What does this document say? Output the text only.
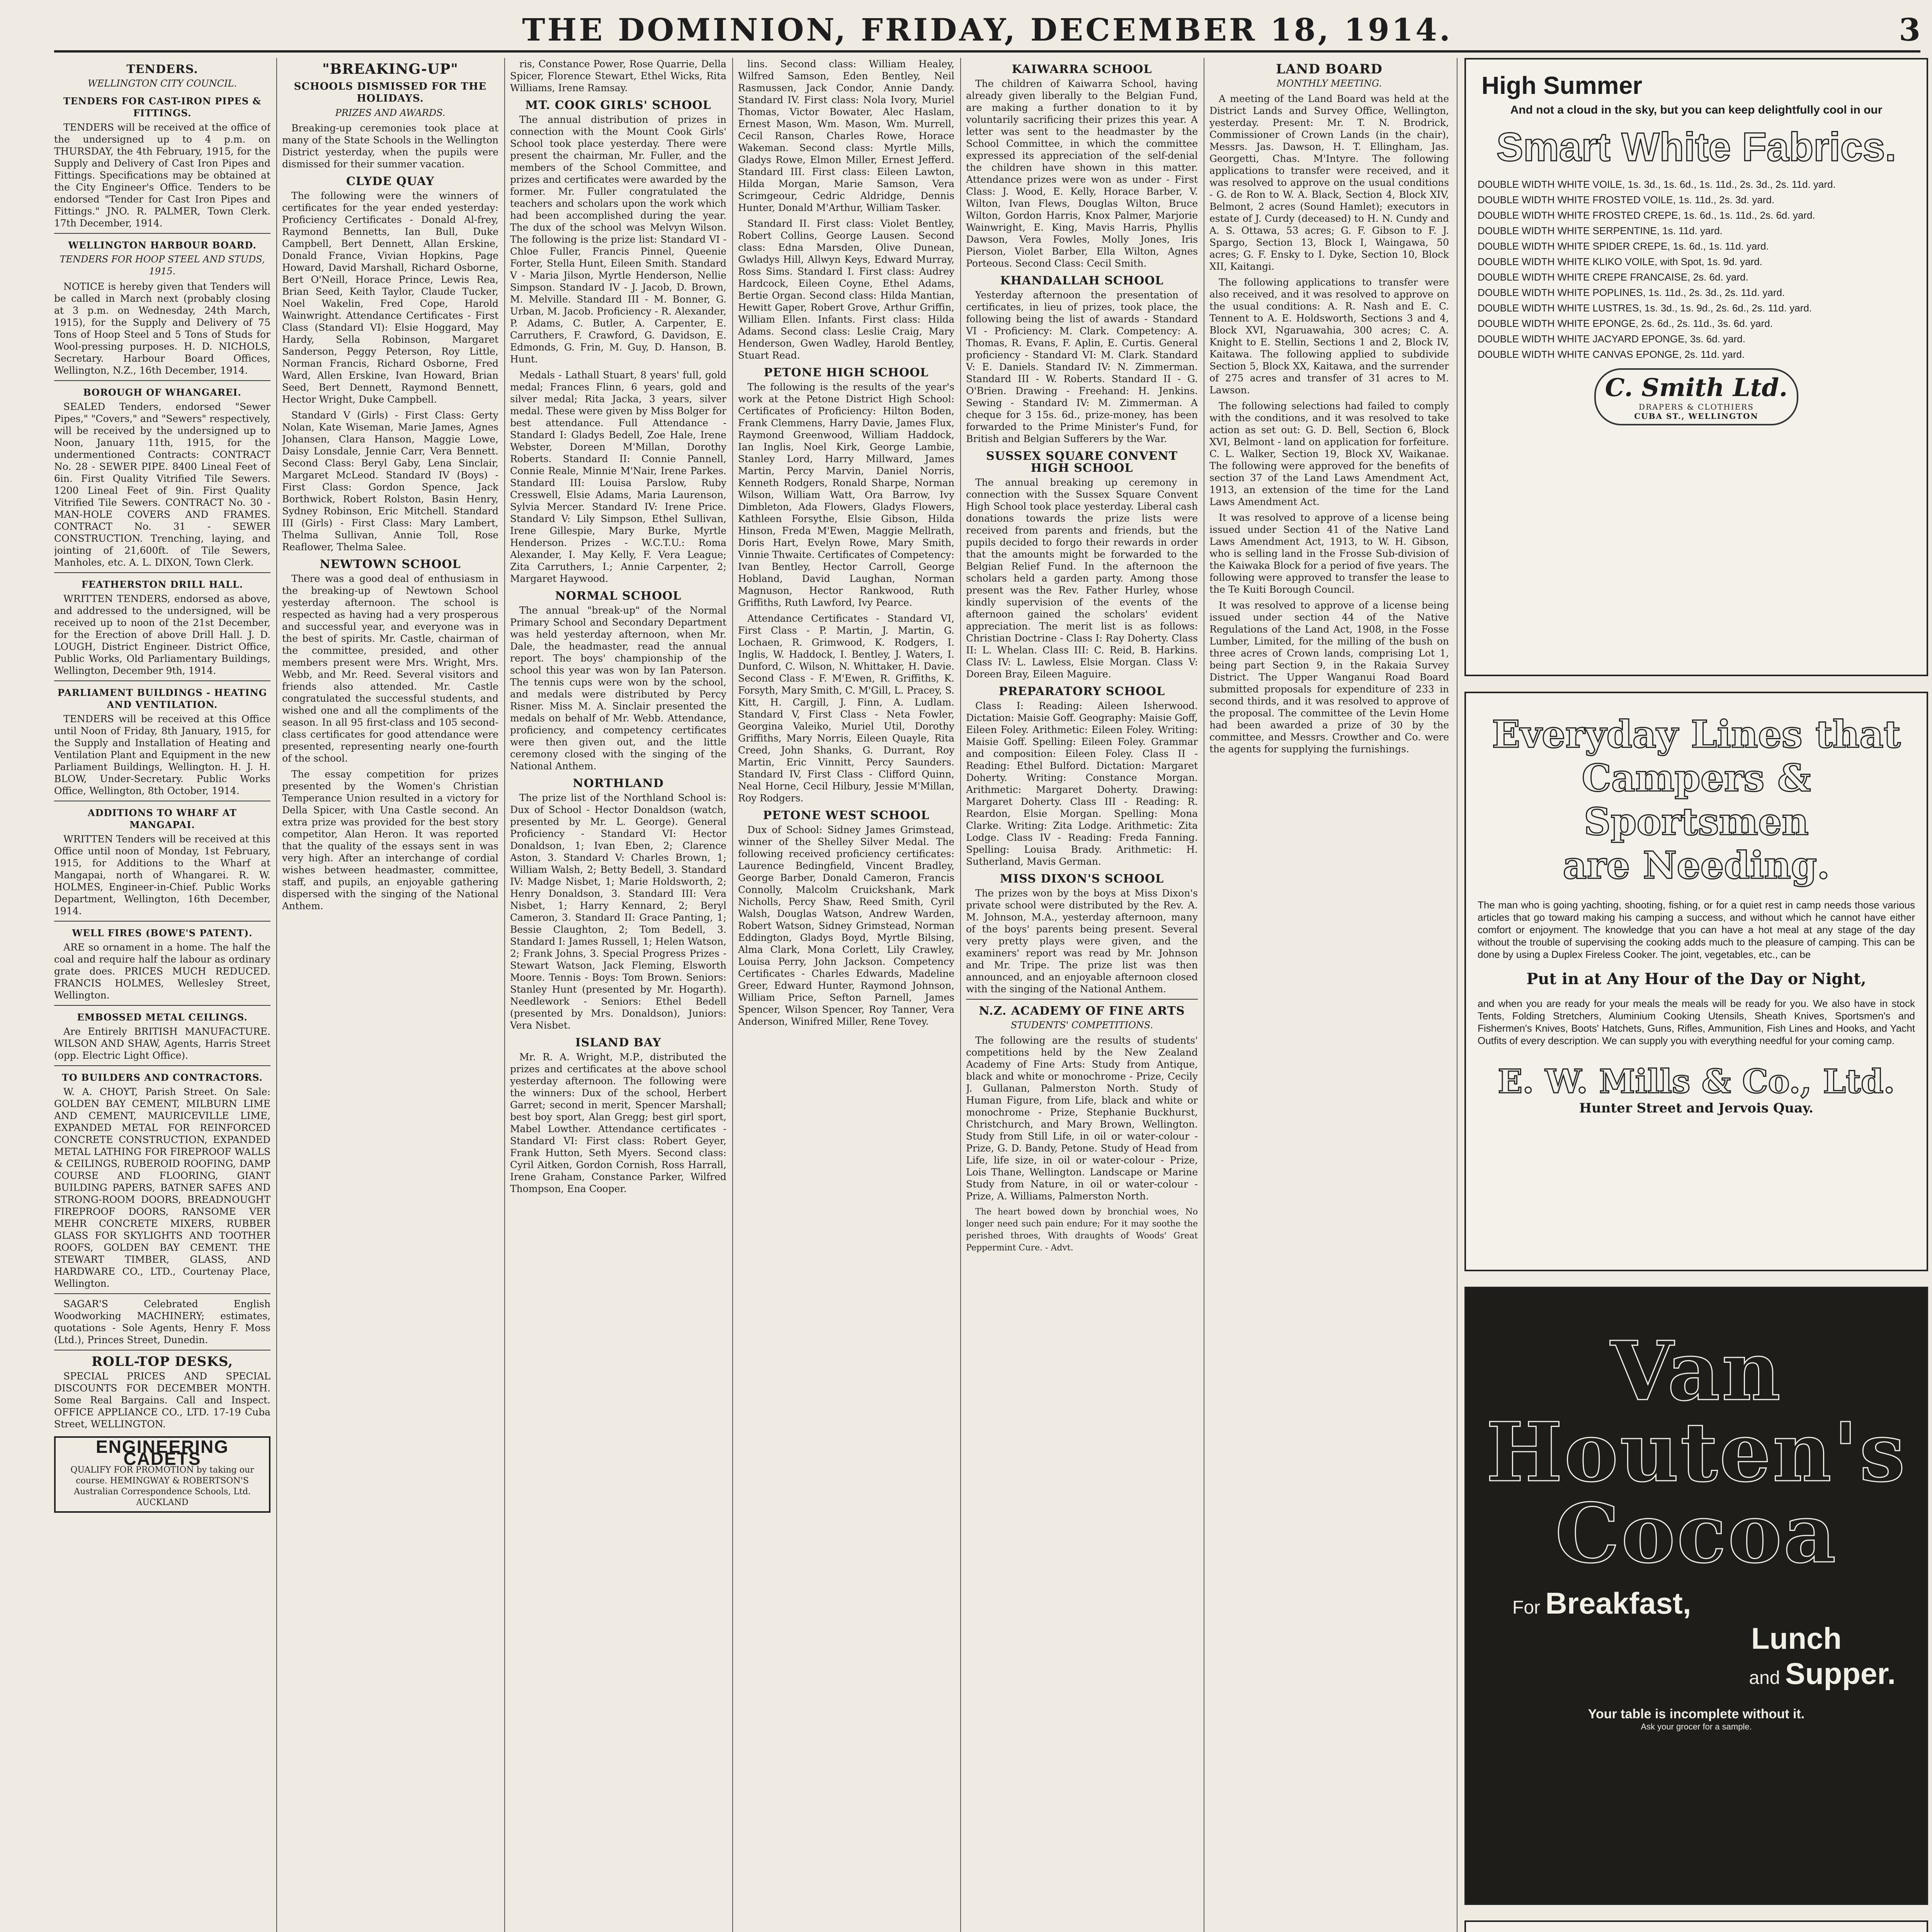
THE DOMINION, FRIDAY, DECEMBER 18, 1914.	3

TENDERS.

WELLINGTON CITY COUNCIL.

TENDERS FOR CAST-IRON PIPES & FITTINGS.

TENDERS will be received at the office of the undersigned up to 4 p.m. on THURSDAY, the 4th February, 1915, for the Supply and Delivery of Cast Iron Pipes and Fittings. Specifications may be obtained at the City Engineer's Office. Tenders to be endorsed "Tender for Cast Iron Pipes and Fittings." JNO. R. PALMER, Town Clerk. 17th December, 1914.

WELLINGTON HARBOUR BOARD.

TENDERS FOR HOOP STEEL AND STUDS, 1915.

NOTICE is hereby given that Tenders will be called in March next (probably closing at 3 p.m. on Wednesday, 24th March, 1915), for the Supply and Delivery of 75 Tons of Hoop Steel and 5 Tons of Studs for Wool-pressing purposes. H. D. NICHOLS, Secretary. Harbour Board Offices, Wellington, N.Z., 16th December, 1914.

BOROUGH OF WHANGAREI.

SEALED Tenders, endorsed "Sewer Pipes," "Covers," and "Sewers" respectively, will be received by the undersigned up to Noon, January 11th, 1915, for the undermentioned Contracts: CONTRACT No. 28 - SEWER PIPE. 8400 Lineal Feet of 6in. First Quality Vitrified Tile Sewers. 1200 Lineal Feet of 9in. First Quality Vitrified Tile Sewers. CONTRACT No. 30 - MAN-HOLE COVERS AND FRAMES. CONTRACT No. 31 - SEWER CONSTRUCTION. Trenching, laying, and jointing of 21,600ft. of Tile Sewers, Manholes, etc. A. L. DIXON, Town Clerk.

FEATHERSTON DRILL HALL.

WRITTEN TENDERS, endorsed as above, and addressed to the undersigned, will be received up to noon of the 21st December, for the Erection of above Drill Hall. J. D. LOUGH, District Engineer. District Office, Public Works, Old Parliamentary Buildings, Wellington, December 9th, 1914.

PARLIAMENT BUILDINGS - HEATING AND VENTILATION.

TENDERS will be received at this Office until Noon of Friday, 8th January, 1915, for the Supply and Installation of Heating and Ventilation Plant and Equipment in the new Parliament Buildings, Wellington. H. J. H. BLOW, Under-Secretary. Public Works Office, Wellington, 8th October, 1914.

ADDITIONS TO WHARF AT MANGAPAI.

WRITTEN Tenders will be received at this Office until noon of Monday, 1st February, 1915, for Additions to the Wharf at Mangapai, north of Whangarei. R. W. HOLMES, Engineer-in-Chief. Public Works Department, Wellington, 16th December, 1914.

WELL FIRES (BOWE'S PATENT).

ARE so ornament in a home. The half the coal and require half the labour as ordinary grate does. PRICES MUCH REDUCED. FRANCIS HOLMES, Wellesley Street, Wellington.

EMBOSSED METAL CEILINGS.

Are Entirely BRITISH MANUFACTURE. WILSON AND SHAW, Agents, Harris Street (opp. Electric Light Office).

TO BUILDERS AND CONTRACTORS.

W. A. CHOYT, Parish Street. On Sale: GOLDEN BAY CEMENT, MILBURN LIME AND CEMENT, MAURICEVILLE LIME, EXPANDED METAL FOR REINFORCED CONCRETE CONSTRUCTION, EXPANDED METAL LATHING FOR FIREPROOF WALLS & CEILINGS, RUBEROID ROOFING, DAMP COURSE AND FLOORING, GIANT BUILDING PAPERS, BATNER SAFES AND STRONG-ROOM DOORS, BREADNOUGHT FIREPROOF DOORS, RANSOME VER MEHR CONCRETE MIXERS, RUBBER GLASS FOR SKYLIGHTS AND TOOTHER ROOFS, GOLDEN BAY CEMENT. THE STEWART TIMBER, GLASS, AND HARDWARE CO., LTD., Courtenay Place, Wellington.

SAGAR'S Celebrated English Woodworking MACHINERY; estimates, quotations - Sole Agents, Henry F. Moss (Ltd.), Princes Street, Dunedin.

ROLL-TOP DESKS,

SPECIAL PRICES AND SPECIAL DISCOUNTS FOR DECEMBER MONTH. Some Real Bargains. Call and Inspect. OFFICE APPLIANCE CO., LTD. 17-19 Cuba Street, WELLINGTON.

ENGINEERING CADETS
QUALIFY FOR PROMOTION by taking our course. HEMINGWAY & ROBERTSON'S Australian Correspondence Schools, Ltd. AUCKLAND

"BREAKING-UP"

SCHOOLS DISMISSED FOR THE HOLIDAYS.

PRIZES AND AWARDS.

Breaking-up ceremonies took place at many of the State Schools in the Wellington District yesterday, when the pupils were dismissed for their summer vacation.

CLYDE QUAY

The following were the winners of certificates for the year ended yesterday: Proficiency Certificates - Donald Al-frey, Raymond Bennetts, Ian Bull, Duke Campbell, Bert Dennett, Allan Erskine, Donald France, Vivian Hopkins, Page Howard, David Marshall, Richard Osborne, Bert O'Neill, Horace Prince, Lewis Rea, Brian Seed, Keith Taylor, Claude Tucker, Noel Wakelin, Fred Cope, Harold Wainwright. Attendance Certificates - First Class (Standard VI): Elsie Hoggard, May Hardy, Sella Robinson, Margaret Sanderson, Peggy Peterson, Roy Little, Norman Francis, Richard Osborne, Fred Ward, Allen Erskine, Ivan Howard, Brian Seed, Bert Dennett, Raymond Bennett, Hector Wright, Duke Campbell.

Standard V (Girls) - First Class: Gerty Nolan, Kate Wiseman, Marie James, Agnes Johansen, Clara Hanson, Maggie Lowe, Daisy Lonsdale, Jennie Carr, Vera Bennett. Second Class: Beryl Gaby, Lena Sinclair, Margaret McLeod. Standard IV (Boys) - First Class: Gordon Spence, Jack Borthwick, Robert Rolston, Basin Henry, Sydney Robinson, Eric Mitchell. Standard III (Girls) - First Class: Mary Lambert, Thelma Sullivan, Annie Toll, Rose Reaflower, Thelma Salee.

NEWTOWN SCHOOL

There was a good deal of enthusiasm in the breaking-up of Newtown School yesterday afternoon. The school is respected as having had a very prosperous and successful year, and everyone was in the best of spirits. Mr. Castle, chairman of the committee, presided, and other members present were Mrs. Wright, Mrs. Webb, and Mr. Reed. Several visitors and friends also attended. Mr. Castle congratulated the successful students, and wished one and all the compliments of the season. In all 95 first-class and 105 second-class certificates for good attendance were presented, representing nearly one-fourth of the school.

The essay competition for prizes presented by the Women's Christian Temperance Union resulted in a victory for Della Spicer, with Una Castle second. An extra prize was provided for the best story competitor, Alan Heron. It was reported that the quality of the essays sent in was very high. After an interchange of cordial wishes between headmaster, committee, staff, and pupils, an enjoyable gathering dispersed with the singing of the National Anthem.

ris, Constance Power, Rose Quarrie, Della Spicer, Florence Stewart, Ethel Wicks, Rita Williams, Irene Ramsay.

MT. COOK GIRLS' SCHOOL

The annual distribution of prizes in connection with the Mount Cook Girls' School took place yesterday. There were present the chairman, Mr. Fuller, and the members of the School Committee, and prizes and certificates were awarded by the former. Mr. Fuller congratulated the teachers and scholars upon the work which had been accomplished during the year. The dux of the school was Melvyn Wilson. The following is the prize list: Standard VI - Chloe Fuller, Francis Pinnel, Queenie Forter, Stella Hunt, Eileen Smith. Standard V - Maria Jilson, Myrtle Henderson, Nellie Simpson. Standard IV - J. Jacob, D. Brown, M. Melville. Standard III - M. Bonner, G. Urban, M. Jacob. Proficiency - R. Alexander, P. Adams, C. Butler, A. Carpenter, E. Carruthers, F. Crawford, G. Davidson, E. Edmonds, G. Frin, M. Guy, D. Hanson, B. Hunt.

Medals - Lathall Stuart, 8 years' full, gold medal; Frances Flinn, 6 years, gold and silver medal; Rita Jacka, 3 years, silver medal. These were given by Miss Bolger for best attendance. Full Attendance - Standard I: Gladys Bedell, Zoe Hale, Irene Webster, Doreen M'Millan, Dorothy Roberts. Standard II: Connie Pannell, Connie Reale, Minnie M'Nair, Irene Parkes. Standard III: Louisa Parslow, Ruby Cresswell, Elsie Adams, Maria Laurenson, Sylvia Mercer. Standard IV: Irene Price. Standard V: Lily Simpson, Ethel Sullivan, Irene Gillespie, Mary Burke, Myrtle Henderson. Prizes - W.C.T.U.: Roma Alexander, I. May Kelly, F. Vera League; Zita Carruthers, I.; Annie Carpenter, 2; Margaret Haywood.

NORMAL SCHOOL

The annual "break-up" of the Normal Primary School and Secondary Department was held yesterday afternoon, when Mr. Dale, the headmaster, read the annual report. The boys' championship of the school this year was won by Ian Paterson. The tennis cups were won by the school, and medals were distributed by Percy Risner. Miss M. A. Sinclair presented the medals on behalf of Mr. Webb. Attendance, proficiency, and competency certificates were then given out, and the little ceremony closed with the singing of the National Anthem.

NORTHLAND

The prize list of the Northland School is: Dux of School - Hector Donaldson (watch, presented by Mr. L. George). General Proficiency - Standard VI: Hector Donaldson, 1; Ivan Eben, 2; Clarence Aston, 3. Standard V: Charles Brown, 1; William Walsh, 2; Betty Bedell, 3. Standard IV: Madge Nisbet, 1; Marie Holdsworth, 2; Henry Donaldson, 3. Standard III: Vera Nisbet, 1; Harry Kennard, 2; Beryl Cameron, 3. Standard II: Grace Panting, 1; Bessie Claughton, 2; Tom Bedell, 3. Standard I: James Russell, 1; Helen Watson, 2; Frank Johns, 3. Special Progress Prizes - Stewart Watson, Jack Fleming, Elsworth Moore. Tennis - Boys: Tom Brown. Seniors: Stanley Hunt (presented by Mr. Hogarth). Needlework - Seniors: Ethel Bedell (presented by Mrs. Donaldson), Juniors: Vera Nisbet.

ISLAND BAY

Mr. R. A. Wright, M.P., distributed the prizes and certificates at the above school yesterday afternoon. The following were the winners: Dux of the school, Herbert Garret; second in merit, Spencer Marshall; best boy sport, Alan Gregg; best girl sport, Mabel Lowther. Attendance certificates - Standard VI: First class: Robert Geyer, Frank Hutton, Seth Myers. Second class: Cyril Aitken, Gordon Cornish, Ross Harrall, Irene Graham, Constance Parker, Wilfred Thompson, Ena Cooper.

lins. Second class: William Healey, Wilfred Samson, Eden Bentley, Neil Rasmussen, Jack Condor, Annie Dandy. Standard IV. First class: Nola Ivory, Muriel Thomas, Victor Bowater, Alec Haslam, Ernest Mason, Wm. Mason, Wm. Murrell, Cecil Ranson, Charles Rowe, Horace Wakeman. Second class: Myrtle Mills, Gladys Rowe, Elmon Miller, Ernest Jefferd. Standard III. First class: Eileen Lawton, Hilda Morgan, Marie Samson, Vera Scrimgeour, Cedric Aldridge, Dennis Hunter, Donald M'Arthur, William Tasker.

Standard II. First class: Violet Bentley, Robert Collins, George Lausen. Second class: Edna Marsden, Olive Dunean, Gwladys Hill, Allwyn Keys, Edward Murray, Ross Sims. Standard I. First class: Audrey Hardcock, Eileen Coyne, Ethel Adams, Bertie Organ. Second class: Hilda Mantian, Hewitt Gaper, Robert Grove, Arthur Griffin, William Ellen. Infants. First class: Hilda Adams. Second class: Leslie Craig, Mary Henderson, Gwen Wadley, Harold Bentley, Stuart Read.

PETONE HIGH SCHOOL

The following is the results of the year's work at the Petone District High School: Certificates of Proficiency: Hilton Boden, Frank Clemmens, Harry Davie, James Flux, Raymond Greenwood, William Haddock, Ian Inglis, Noel Kirk, George Lambie, Stanley Lord, Harry Millward, James Martin, Percy Marvin, Daniel Norris, Kenneth Rodgers, Ronald Sharpe, Norman Wilson, William Watt, Ora Barrow, Ivy Dimbleton, Ada Flowers, Gladys Flowers, Kathleen Forsythe, Elsie Gibson, Hilda Hinson, Freda M'Ewen, Maggie Mellrath, Doris Hart, Evelyn Rowe, Mary Smith, Vinnie Thwaite. Certificates of Competency: Ivan Bentley, Hector Carroll, George Hobland, David Laughan, Norman Magnuson, Hector Rankwood, Ruth Griffiths, Ruth Lawford, Ivy Pearce.

Attendance Certificates - Standard VI, First Class - P. Martin, J. Martin, G. Lochaen, R. Grimwood, K. Rodgers, I. Inglis, W. Haddock, I. Bentley, J. Waters, I. Dunford, C. Wilson, N. Whittaker, H. Davie. Second Class - F. M'Ewen, R. Griffiths, K. Forsyth, Mary Smith, C. M'Gill, L. Pracey, S. Kitt, H. Cargill, J. Finn, A. Ludlam. Standard V, First Class - Neta Fowler, Georgina Valeiko, Muriel Util, Dorothy Griffiths, Mary Norris, Eileen Quayle, Rita Creed, John Shanks, G. Durrant, Roy Martin, Eric Vinnitt, Percy Saunders. Standard IV, First Class - Clifford Quinn, Neal Horne, Cecil Hilbury, Jessie M'Millan, Roy Rodgers.

PETONE WEST SCHOOL

Dux of School: Sidney James Grimstead, winner of the Shelley Silver Medal. The following received proficiency certificates: Laurence Bedingfield, Vincent Bradley, George Barber, Donald Cameron, Francis Connolly, Malcolm Cruickshank, Mark Nicholls, Percy Shaw, Reed Smith, Cyril Walsh, Douglas Watson, Andrew Warden, Robert Watson, Sidney Grimstead, Norman Eddington, Gladys Boyd, Myrtle Bilsing, Alma Clark, Mona Corlett, Lily Crawley, Louisa Perry, John Jackson. Competency Certificates - Charles Edwards, Madeline Greer, Edward Hunter, Raymond Johnson, William Price, Sefton Parnell, James Spencer, Wilson Spencer, Roy Tanner, Vera Anderson, Winifred Miller, Rene Tovey.

KAIWARRA SCHOOL

The children of Kaiwarra School, having already given liberally to the Belgian Fund, are making a further donation to it by voluntarily sacrificing their prizes this year. A letter was sent to the headmaster by the School Committee, in which the committee expressed its appreciation of the self-denial the children have shown in this matter. Attendance prizes were won as under - First Class: J. Wood, E. Kelly, Horace Barber, V. Wilton, Ivan Flews, Douglas Wilton, Bruce Wilton, Gordon Harris, Knox Palmer, Marjorie Wainwright, E. King, Mavis Harris, Phyllis Dawson, Vera Fowles, Molly Jones, Iris Pierson, Violet Barber, Ella Wilton, Agnes Porteous. Second Class: Cecil Smith.

KHANDALLAH SCHOOL

Yesterday afternoon the presentation of certificates, in lieu of prizes, took place, the following being the list of awards - Standard VI - Proficiency: M. Clark. Competency: A. Thomas, R. Evans, F. Aplin, E. Curtis. General proficiency - Standard VI: M. Clark. Standard V: E. Daniels. Standard IV: N. Zimmerman. Standard III - W. Roberts. Standard II - G. O'Brien. Drawing - Freehand: H. Jenkins. Sewing - Standard IV: M. Zimmerman. A cheque for 3 15s. 6d., prize-money, has been forwarded to the Prime Minister's Fund, for British and Belgian Sufferers by the War.

SUSSEX SQUARE CONVENT HIGH SCHOOL

The annual breaking up ceremony in connection with the Sussex Square Convent High School took place yesterday. Liberal cash donations towards the prize lists were received from parents and friends, but the pupils decided to forgo their rewards in order that the amounts might be forwarded to the Belgian Relief Fund. In the afternoon the scholars held a garden party. Among those present was the Rev. Father Hurley, whose kindly supervision of the events of the afternoon gained the scholars' evident appreciation. The merit list is as follows: Christian Doctrine - Class I: Ray Doherty. Class II: L. Whelan. Class III: C. Reid, B. Harkins. Class IV: L. Lawless, Elsie Morgan. Class V: Doreen Bray, Eileen Maguire.

PREPARATORY SCHOOL

Class I: Reading: Aileen Isherwood. Dictation: Maisie Goff. Geography: Maisie Goff, Eileen Foley. Arithmetic: Eileen Foley. Writing: Maisie Goff. Spelling: Eileen Foley. Grammar and composition: Eileen Foley. Class II - Reading: Ethel Bulford. Dictation: Margaret Doherty. Writing: Constance Morgan. Arithmetic: Margaret Doherty. Drawing: Margaret Doherty. Class III - Reading: R. Reardon, Elsie Morgan. Spelling: Mona Clarke. Writing: Zita Lodge. Arithmetic: Zita Lodge. Class IV - Reading: Freda Fanning. Spelling: Louisa Brady. Arithmetic: H. Sutherland, Mavis German.

MISS DIXON'S SCHOOL

The prizes won by the boys at Miss Dixon's private school were distributed by the Rev. A. M. Johnson, M.A., yesterday afternoon, many of the boys' parents being present. Several very pretty plays were given, and the examiners' report was read by Mr. Johnson and Mr. Tripe. The prize list was then announced, and an enjoyable afternoon closed with the singing of the National Anthem.

N.Z. ACADEMY OF FINE ARTS

STUDENTS' COMPETITIONS.

The following are the results of students' competitions held by the New Zealand Academy of Fine Arts: Study from Antique, black and white or monochrome - Prize, Cecily J. Gullanan, Palmerston North. Study of Human Figure, from Life, black and white or monochrome - Prize, Stephanie Buckhurst, Christchurch, and Mary Brown, Wellington. Study from Still Life, in oil or water-colour - Prize, G. D. Bandy, Petone. Study of Head from Life, life size, in oil or water-colour - Prize, Lois Thane, Wellington. Landscape or Marine Study from Nature, in oil or water-colour - Prize, A. Williams, Palmerston North.

The heart bowed down by bronchial woes, No longer need such pain endure; For it may soothe the perished throes, With draughts of Woods' Great Peppermint Cure. - Advt.

LAND BOARD

MONTHLY MEETING.

A meeting of the Land Board was held at the District Lands and Survey Office, Wellington, yesterday. Present: Mr. T. N. Brodrick, Commissioner of Crown Lands (in the chair), Messrs. Jas. Dawson, H. T. Ellingham, Jas. Georgetti, Chas. M'Intyre. The following applications to transfer were received, and it was resolved to approve on the usual conditions - G. de Ron to W. A. Black, Section 4, Block XIV, Belmont, 2 acres (Sound Hamlet); executors in estate of J. Curdy (deceased) to H. N. Cundy and A. S. Ottawa, 53 acres; G. F. Gibson to F. J. Spargo, Section 13, Block I, Waingawa, 50 acres; G. F. Ensky to I. Dyke, Section 10, Block XII, Kaitangi.

The following applications to transfer were also received, and it was resolved to approve on the usual conditions: A. R. Nash and E. C. Tennent to A. E. Holdsworth, Sections 3 and 4, Block XVI, Ngaruawahia, 300 acres; C. A. Knight to E. Stellin, Sections 1 and 2, Block IV, Kaitawa. The following applied to subdivide Section 5, Block XX, Kaitawa, and the surrender of 275 acres and transfer of 31 acres to M. Lawson.

The following selections had failed to comply with the conditions, and it was resolved to take action as set out: G. D. Bell, Section 6, Block XVI, Belmont - land on application for forfeiture. C. L. Walker, Section 19, Block XV, Waikanae. The following were approved for the benefits of section 37 of the Land Laws Amendment Act, 1913, an extension of the time for the Land Laws Amendment Act.

It was resolved to approve of a license being issued under Section 41 of the Native Land Laws Amendment Act, 1913, to W. H. Gibson, who is selling land in the Frosse Sub-division of the Kaiwaka Block for a period of five years. The following were approved to transfer the lease to the Te Kuiti Borough Council.

It was resolved to approve of a license being issued under section 44 of the Native Regulations of the Land Act, 1908, in the Fosse Lumber, Limited, for the milling of the bush on three acres of Crown lands, comprising Lot 1, being part Section 9, in the Rakaia Survey District. The Upper Wanganui Road Board submitted proposals for expenditure of 233 in second thirds, and it was resolved to approve of the proposal. The committee of the Levin Home had been awarded a prize of 30 by the committee, and Messrs. Crowther and Co. were the agents for supplying the furnishings.

High Summer
And not a cloud in the sky, but you can keep delightfully cool in our
Smart White Fabrics.
DOUBLE WIDTH WHITE VOILE, 1s. 3d., 1s. 6d., 1s. 11d., 2s. 3d., 2s. 11d. yard.
DOUBLE WIDTH WHITE FROSTED VOILE, 1s. 11d., 2s. 3d. yard.
DOUBLE WIDTH WHITE FROSTED CREPE, 1s. 6d., 1s. 11d., 2s. 6d. yard.
DOUBLE WIDTH WHITE SERPENTINE, 1s. 11d. yard.
DOUBLE WIDTH WHITE SPIDER CREPE, 1s. 6d., 1s. 11d. yard.
DOUBLE WIDTH WHITE KLIKO VOILE, with Spot, 1s. 9d. yard.
DOUBLE WIDTH WHITE CREPE FRANCAISE, 2s. 6d. yard.
DOUBLE WIDTH WHITE POPLINES, 1s. 11d., 2s. 3d., 2s. 11d. yard.
DOUBLE WIDTH WHITE LUSTRES, 1s. 3d., 1s. 9d., 2s. 6d., 2s. 11d. yard.
DOUBLE WIDTH WHITE EPONGE, 2s. 6d., 2s. 11d., 3s. 6d. yard.
DOUBLE WIDTH WHITE JACYARD EPONGE, 3s. 6d. yard.
DOUBLE WIDTH WHITE CANVAS EPONGE, 2s. 11d. yard.
C. Smith Ltd.
DRAPERS & CLOTHIERS
CUBA ST., WELLINGTON
Everyday Lines that
Campers & Sportsmen
are Needing.
The man who is going yachting, shooting, fishing, or for a quiet rest in camp needs those various articles that go toward making his camping a success, and without which he cannot have either comfort or enjoyment. The knowledge that you can have a hot meal at any stage of the day without the trouble of supervising the cooking adds much to the pleasure of camping. This can be done by using a Duplex Fireless Cooker. The joint, vegetables, etc., can be
Put in at Any Hour of the Day or Night,
and when you are ready for your meals the meals will be ready for you. We also have in stock Tents, Folding Stretchers, Aluminium Cooking Utensils, Sheath Knives, Sportsmen's and Fishermen's Knives, Boots' Hatchets, Guns, Rifles, Ammunition, Fish Lines and Hooks, and Yacht Outfits of every description. We can supply you with everything needful for your coming camp.
E. W. Mills & Co., Ltd.
Hunter Street and Jervois Quay.
Van
Houten's
Cocoa
For Breakfast,
Lunch
and Supper.
Your table is incomplete without it.
Ask your grocer for a sample.
